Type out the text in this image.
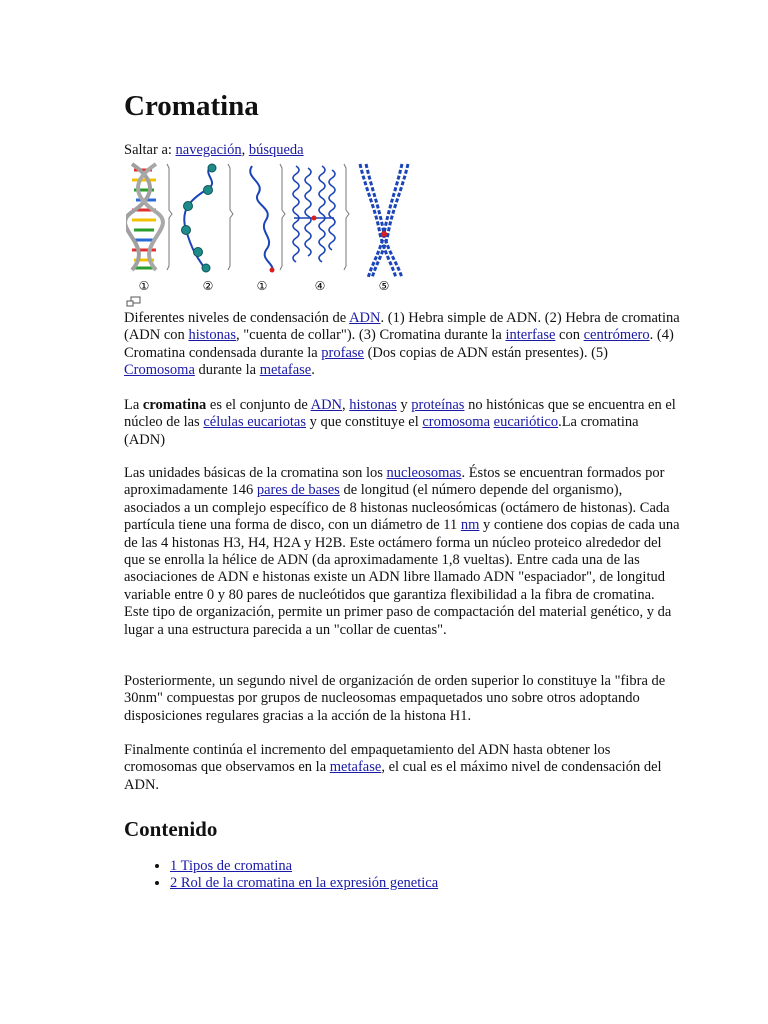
Cromatina
Saltar a: navegación, búsqueda
①	②	①	④	⑤

Diferentes niveles de condensación de ADN. (1) Hebra simple de ADN. (2) Hebra de cromatina (ADN con histonas, "cuenta de collar"). (3) Cromatina durante la interfase con centrómero. (4) Cromatina condensada durante la profase (Dos copias de ADN están presentes). (5) Cromosoma durante la metafase.

La cromatina es el conjunto de ADN, histonas y proteínas no histónicas que se encuentra en el núcleo de las células eucariotas y que constituye el cromosoma eucariótico.La cromatina (ADN)

Las unidades básicas de la cromatina son los nucleosomas. Éstos se encuentran formados por aproximadamente 146 pares de bases de longitud (el número depende del organismo), asociados a un complejo específico de 8 histonas nucleosómicas (octámero de histonas). Cada partícula tiene una forma de disco, con un diámetro de 11 nm y contiene dos copias de cada una de las 4 histonas H3, H4, H2A y H2B. Este octámero forma un núcleo proteico alrededor del que se enrolla la hélice de ADN (da aproximadamente 1,8 vueltas). Entre cada una de las asociaciones de ADN e histonas existe un ADN libre llamado ADN "espaciador", de longitud variable entre 0 y 80 pares de nucleótidos que garantiza flexibilidad a la fibra de cromatina. Este tipo de organización, permite un primer paso de compactación del material genético, y da lugar a una estructura parecida a un "collar de cuentas".

Posteriormente, un segundo nivel de organización de orden superior lo constituye la "fibra de 30nm" compuestas por grupos de nucleosomas empaquetados uno sobre otros adoptando disposiciones regulares gracias a la acción de la histona H1.

Finalmente continúa el incremento del empaquetamiento del ADN hasta obtener los cromosomas que observamos en la metafase, el cual es el máximo nivel de condensación del ADN.

Contenido
• 1 Tipos de cromatina
• 2 Rol de la cromatina en la expresión genetica
